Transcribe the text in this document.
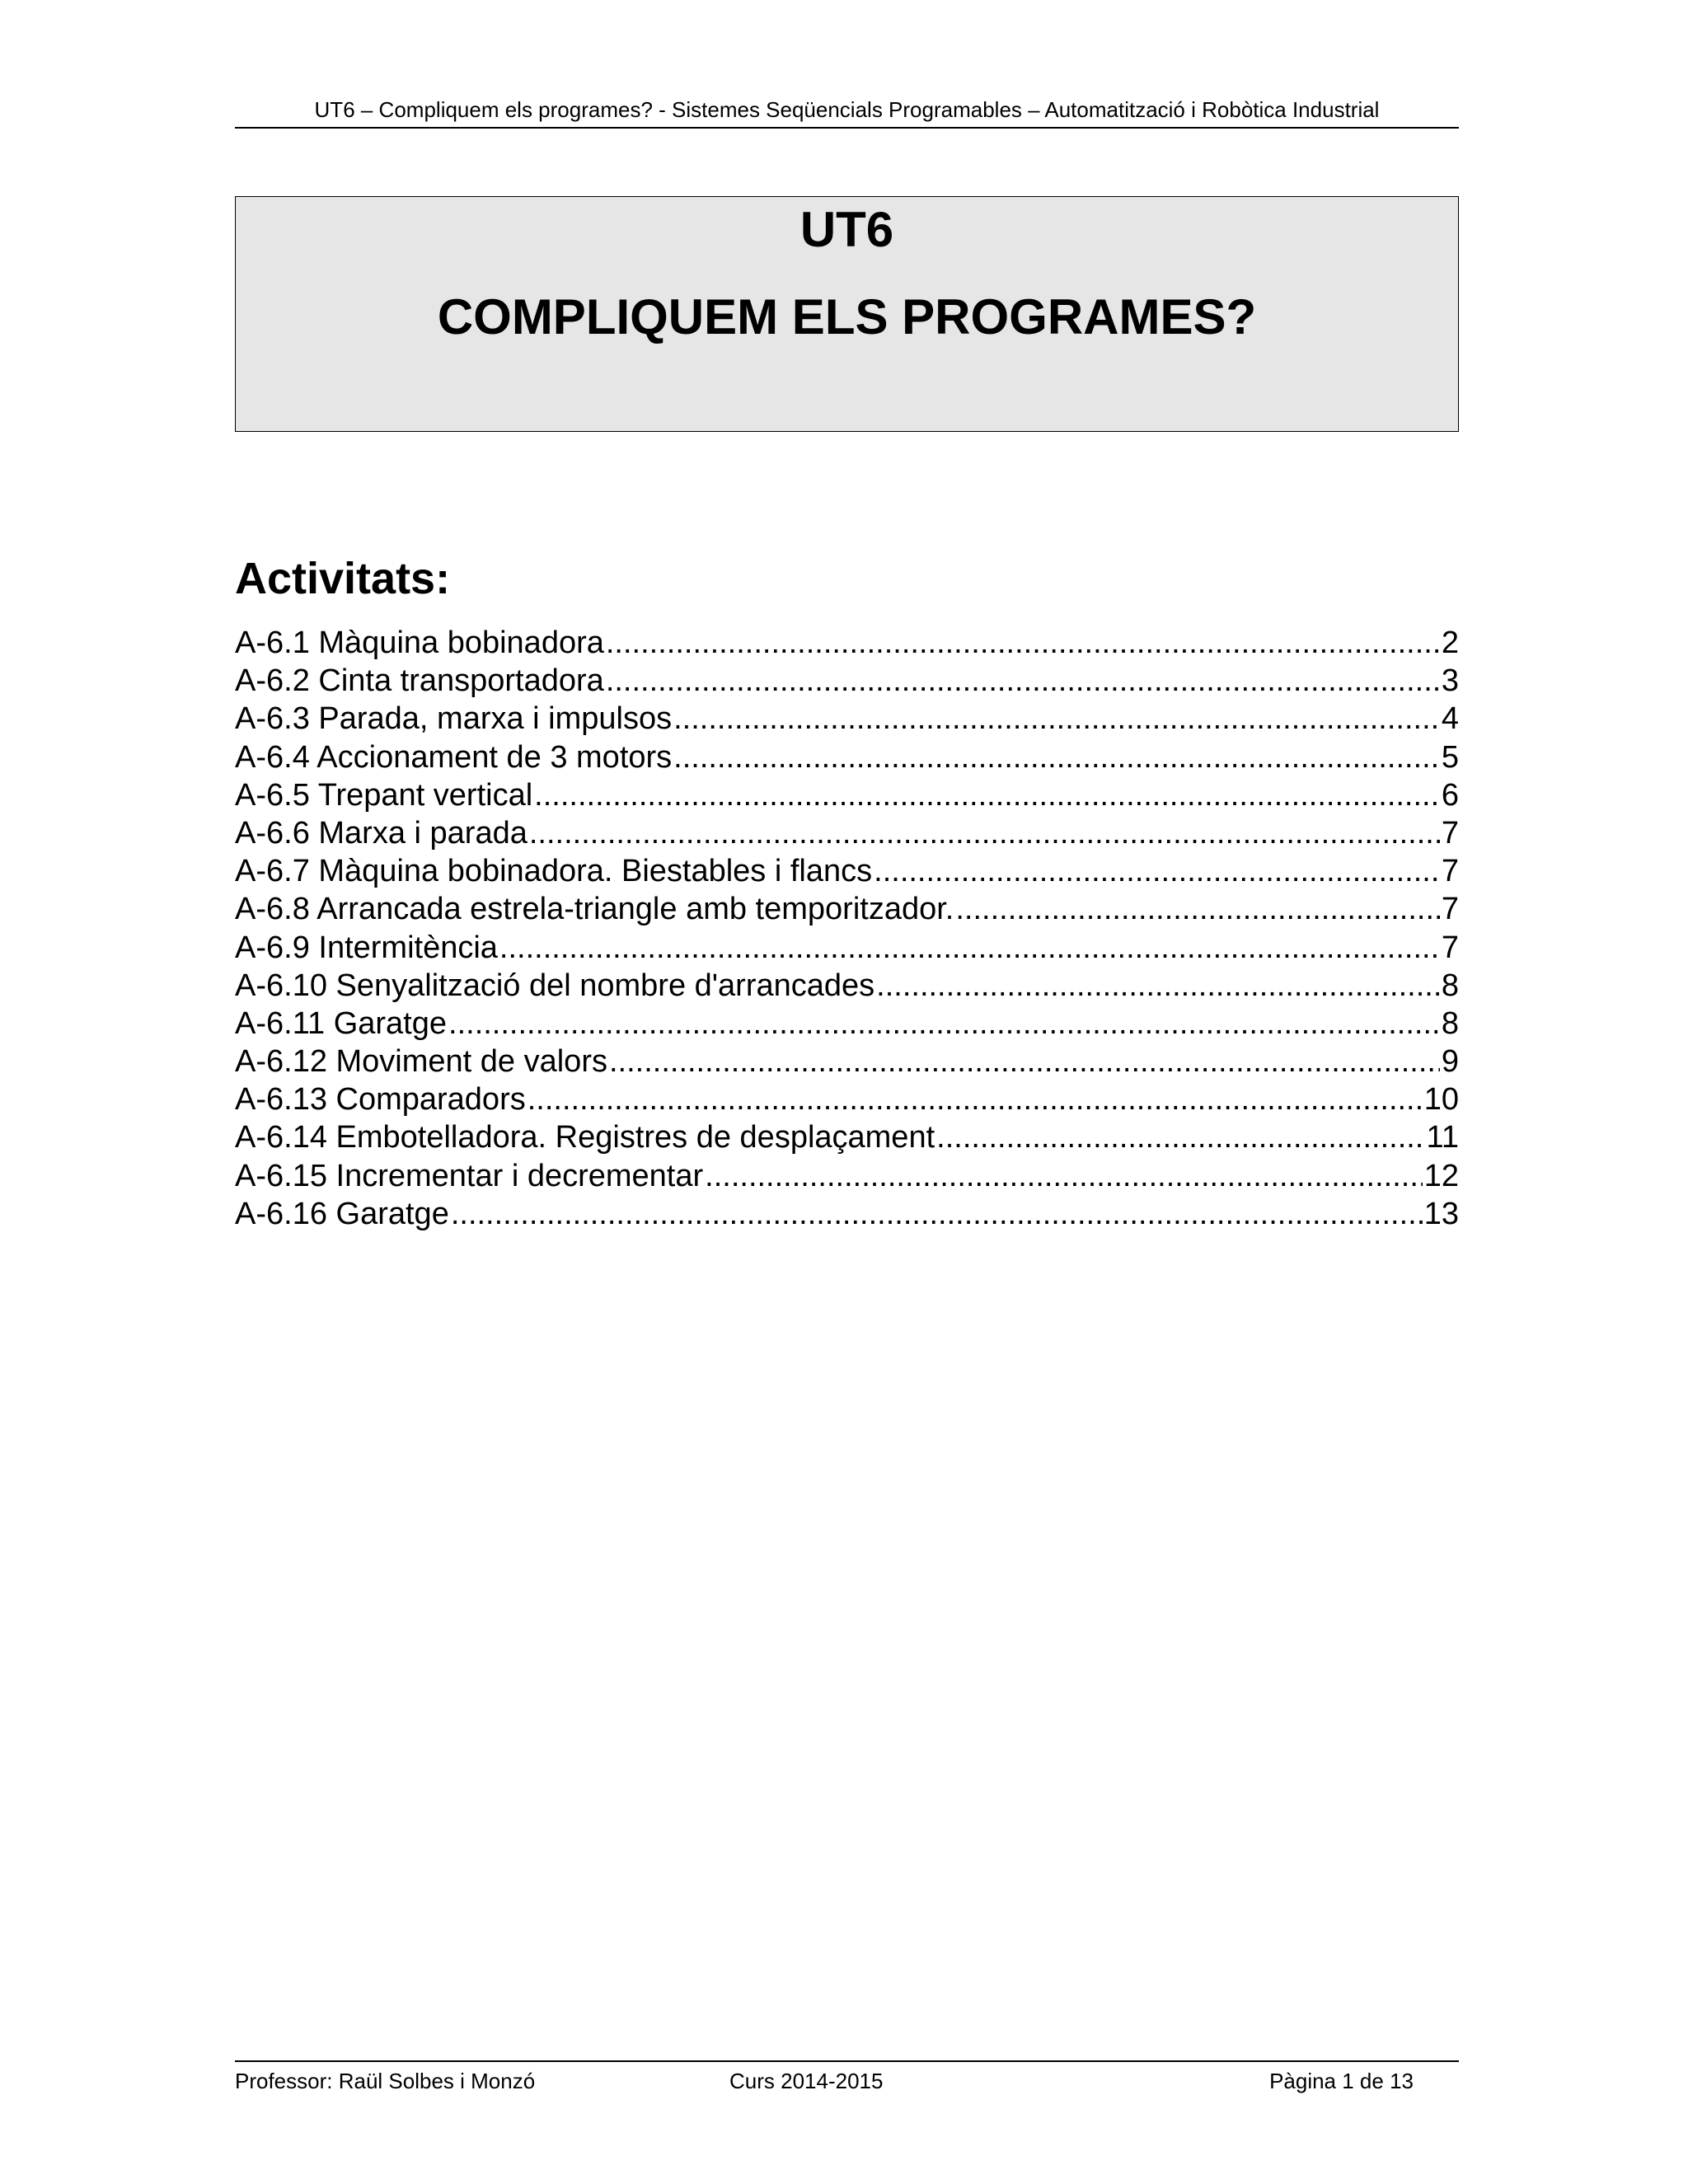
UT6 – Compliquem els programes? - Sistemes Seqüencials Programables – Automatització i Robòtica Industrial
UT6
COMPLIQUEM ELS PROGRAMES?
Activitats:
A-6.1 Màquina bobinadora .....	2
A-6.2 Cinta transportadora .....	3
A-6.3 Parada, marxa i impulsos .....	4
A-6.4 Accionament de 3 motors .....	5
A-6.5 Trepant vertical .....	6
A-6.6 Marxa i parada .....	7
A-6.7 Màquina bobinadora. Biestables i flancs .....	7
A-6.8 Arrancada estrela-triangle amb temporitzador. .....	7
A-6.9 Intermitència .....	7
A-6.10 Senyalització del nombre d'arrancades .....	8
A-6.11 Garatge .....	8
A-6.12 Moviment de valors .....	9
A-6.13 Comparadors .....	10
A-6.14 Embotelladora. Registres de desplaçament .....	11
A-6.15 Incrementar i decrementar .....	12
A-6.16 Garatge .....	13
Professor: Raül Solbes i Monzó	Curs 2014-2015	Pàgina 1 de 13
